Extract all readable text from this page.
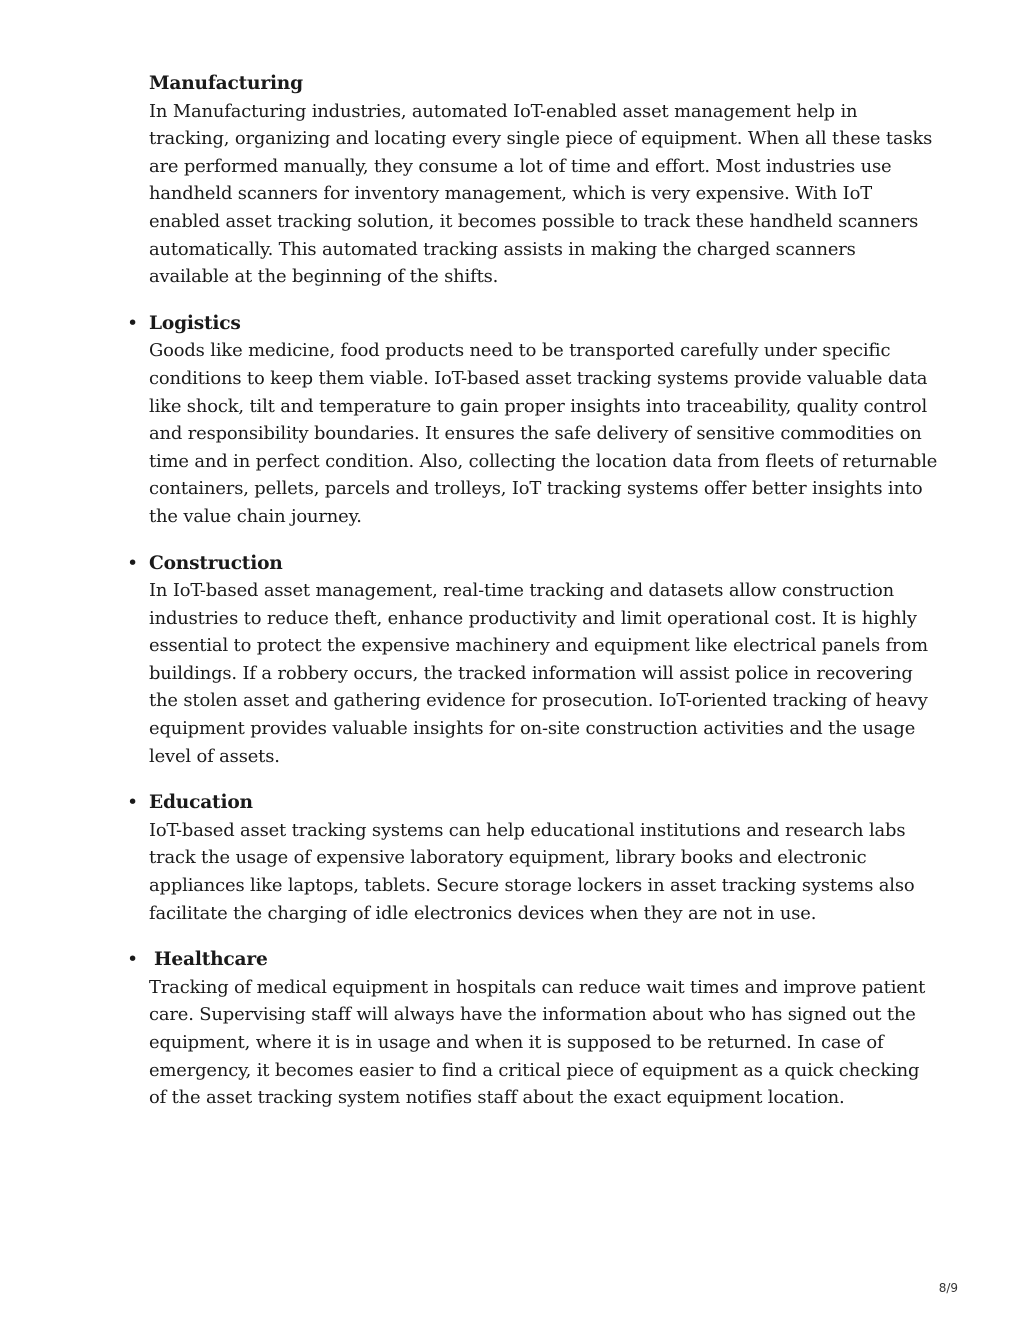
Manufacturing
In Manufacturing industries, automated IoT-enabled asset management help in tracking, organizing and locating every single piece of equipment. When all these tasks are performed manually, they consume a lot of time and effort. Most industries use handheld scanners for inventory management, which is very expensive. With IoT enabled asset tracking solution, it becomes possible to track these handheld scanners automatically. This automated tracking assists in making the charged scanners available at the beginning of the shifts.
• Logistics
Goods like medicine, food products need to be transported carefully under specific conditions to keep them viable. IoT-based asset tracking systems provide valuable data like shock, tilt and temperature to gain proper insights into traceability, quality control and responsibility boundaries. It ensures the safe delivery of sensitive commodities on time and in perfect condition. Also, collecting the location data from fleets of returnable containers, pellets, parcels and trolleys, IoT tracking systems offer better insights into the value chain journey.
• Construction
In IoT-based asset management, real-time tracking and datasets allow construction industries to reduce theft, enhance productivity and limit operational cost. It is highly essential to protect the expensive machinery and equipment like electrical panels from buildings. If a robbery occurs, the tracked information will assist police in recovering the stolen asset and gathering evidence for prosecution. IoT-oriented tracking of heavy equipment provides valuable insights for on-site construction activities and the usage level of assets.
• Education
IoT-based asset tracking systems can help educational institutions and research labs track the usage of expensive laboratory equipment, library books and electronic appliances like laptops, tablets. Secure storage lockers in asset tracking systems also facilitate the charging of idle electronics devices when they are not in use.
• Healthcare
Tracking of medical equipment in hospitals can reduce wait times and improve patient care. Supervising staff will always have the information about who has signed out the equipment, where it is in usage and when it is supposed to be returned. In case of emergency, it becomes easier to find a critical piece of equipment as a quick checking of the asset tracking system notifies staff about the exact equipment location.
8/9
